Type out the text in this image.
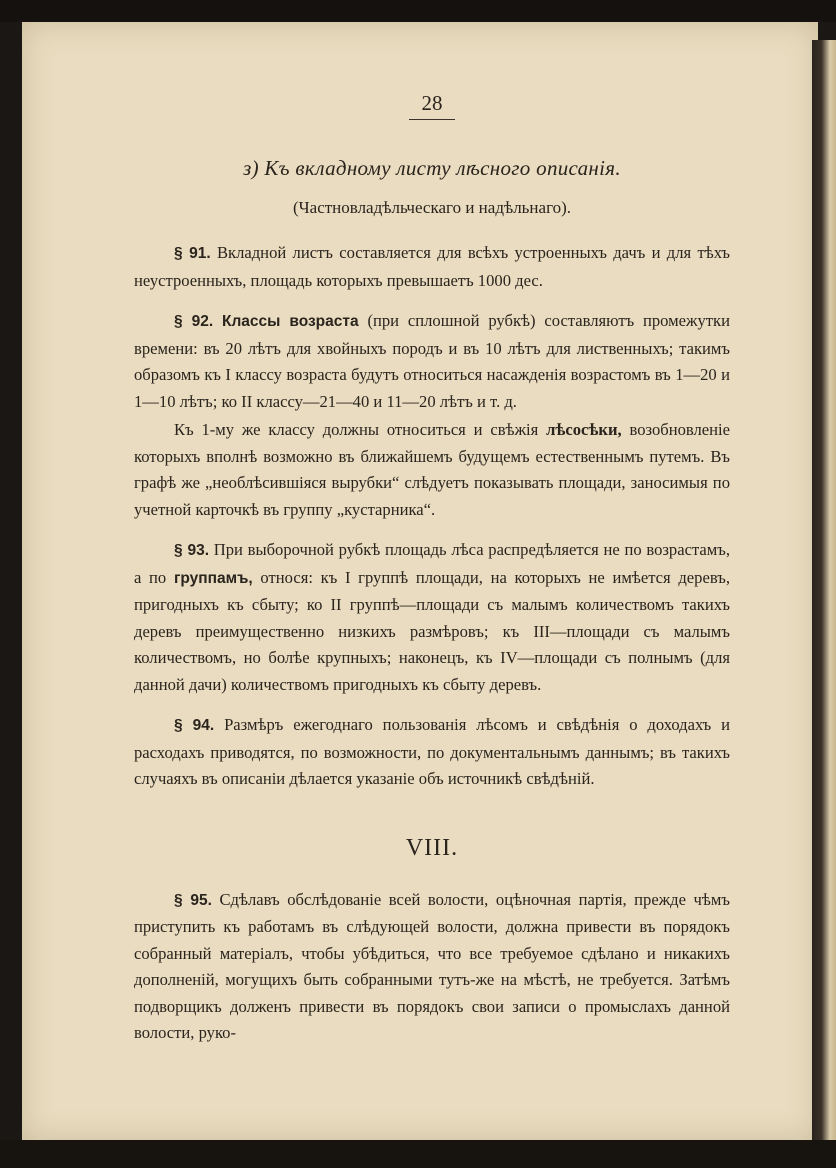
28
з) Къ вкладному листу лѣсного описанія.
(Частновладѣльческаго и надѣльнаго).

§ 91. Вкладной листъ составляется для всѣхъ устроенныхъ дачъ и для тѣхъ неустроенныхъ, площадь которыхъ превышаетъ 1000 дес.

§ 92. Классы возраста (при сплошной рубкѣ) составляютъ промежутки времени: въ 20 лѣтъ для хвойныхъ породъ и въ 10 лѣтъ для лиственныхъ; такимъ образомъ къ I классу возраста будутъ относиться насажденія возрастомъ въ 1—20 и 1—10 лѣтъ; ко II классу—21—40 и 11—20 лѣтъ и т. д.

Къ 1-му же классу должны относиться и свѣжія лѣсосѣки, возобновленіе которыхъ вполнѣ возможно въ ближайшемъ будущемъ естественнымъ путемъ. Въ графѣ же „необлѣсившіяся вырубки“ слѣдуетъ показывать площади, заносимыя по учетной карточкѣ въ группу „кустарника“.

§ 93. При выборочной рубкѣ площадь лѣса распредѣляется не по возрастамъ, а по группамъ, относя: къ I группѣ площади, на которыхъ не имѣется деревъ, пригодныхъ къ сбыту; ко II группѣ—площади съ малымъ количествомъ такихъ деревъ преимущественно низкихъ размѣровъ; къ III—площади съ малымъ количествомъ, но болѣе крупныхъ; наконецъ, къ IV—площади съ полнымъ (для данной дачи) количествомъ пригодныхъ къ сбыту деревъ.

§ 94. Размѣръ ежегоднаго пользованія лѣсомъ и свѣдѣнія о доходахъ и расходахъ приводятся, по возможности, по документальнымъ даннымъ; въ такихъ случаяхъ въ описаніи дѣлается указаніе объ источникѣ свѣдѣній.

VIII.

§ 95. Сдѣлавъ обслѣдованіе всей волости, оцѣночная партія, прежде чѣмъ приступить къ работамъ въ слѣдующей волости, должна привести въ порядокъ собранный матеріалъ, чтобы убѣдиться, что все требуемое сдѣлано и никакихъ дополненій, могущихъ быть собранными тутъ-же на мѣстѣ, не требуется. Затѣмъ подворщикъ долженъ привести въ порядокъ свои записи о промыслахъ данной волости, руко-
